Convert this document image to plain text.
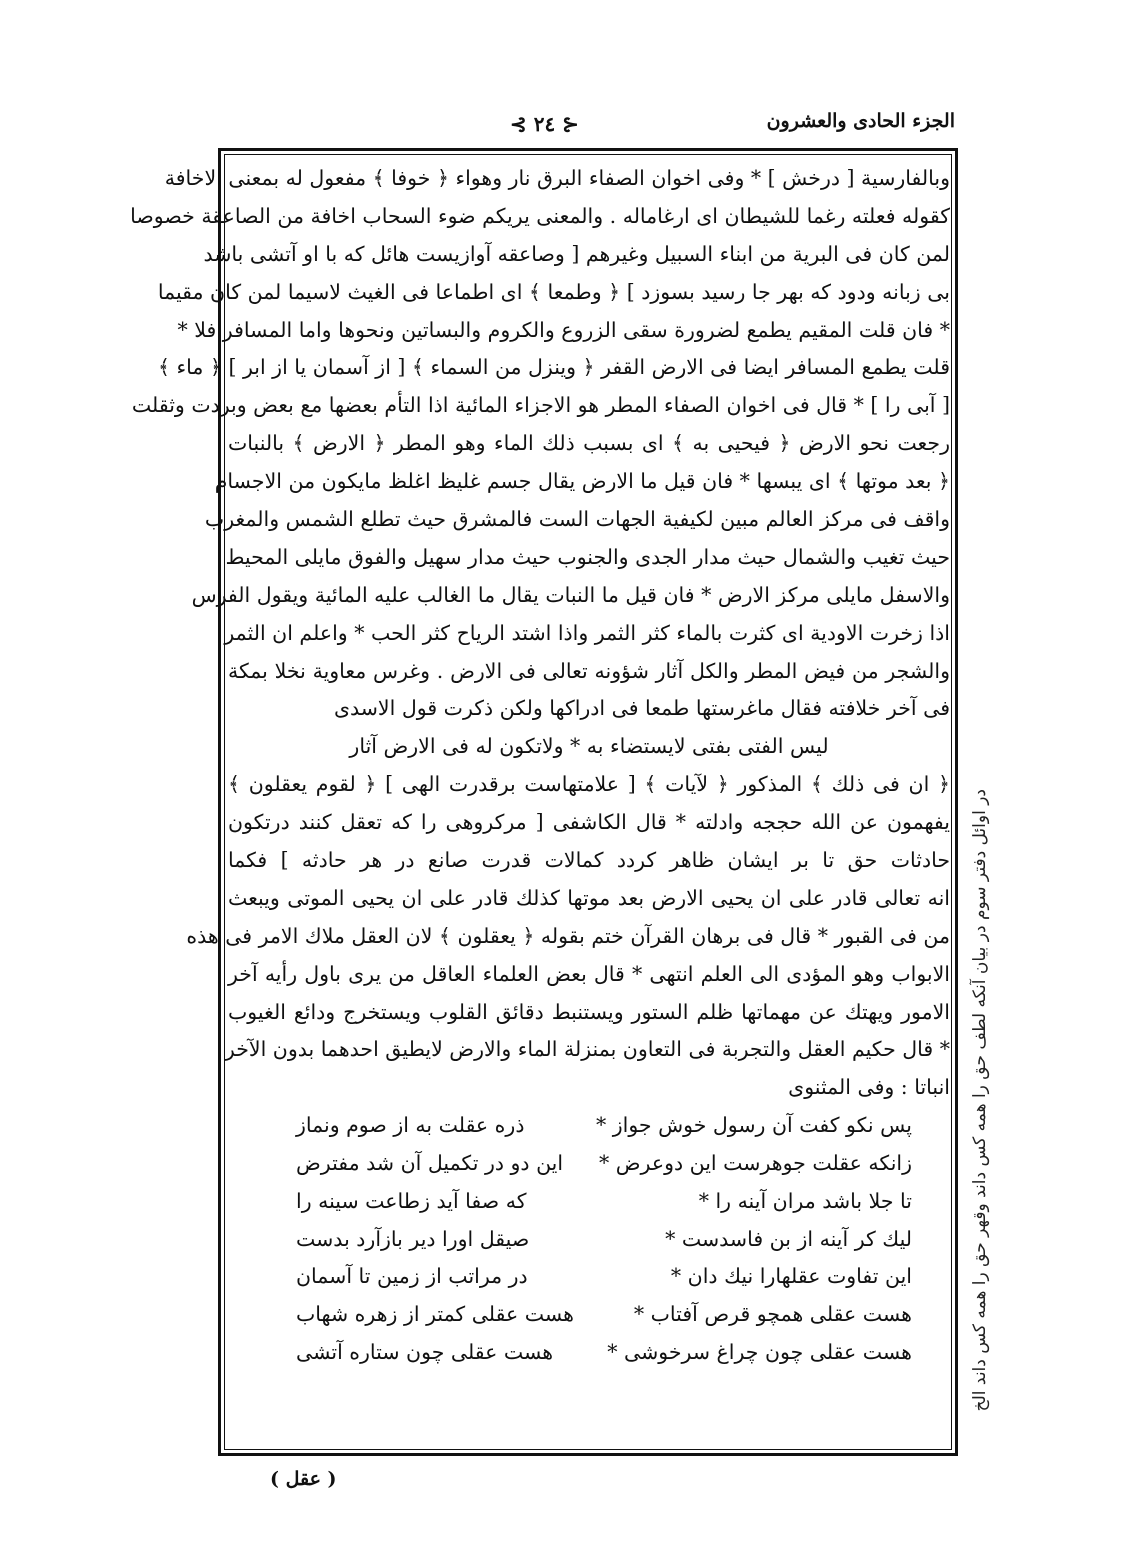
الجزء الحادى والعشرون
⊰ ٢٤ ⊱
وبالفارسية [ درخش ] * وفى اخوان الصفاء البرق نار وهواء ﴿ خوفا ﴾ مفعول له بمعنى الاخافة
كقوله فعلته رغما للشيطان اى ارغاماله . والمعنى يريكم ضوء السحاب اخافة من الصاعقة خصوصا
لمن كان فى البرية من ابناء السبيل وغيرهم [ وصاعقه آوازيست هائل كه با او آتشى باشد
بى زبانه ودود كه بهر جا رسيد بسوزد ] ﴿ وطمعا ﴾ اى اطماعا فى الغيث لاسيما لمن كان مقيما
* فان قلت المقيم يطمع لضرورة سقى الزروع والكروم والبساتين ونحوها واما المسافر فلا *
قلت يطمع المسافر ايضا فى الارض القفر ﴿ وينزل من السماء ﴾ [ از آسمان يا از ابر ] ﴿ ماء ﴾
[ آبى را ] * قال فى اخوان الصفاء المطر هو الاجزاء المائية اذا التأم بعضها مع بعض وبردت وثقلت
رجعت نحو الارض ﴿ فيحيى به ﴾ اى بسبب ذلك الماء وهو المطر ﴿ الارض ﴾ بالنبات
﴿ بعد موتها ﴾ اى يبسها * فان قيل ما الارض يقال جسم غليظ اغلظ مايكون من الاجسام
واقف فى مركز العالم مبين لكيفية الجهات الست فالمشرق حيث تطلع الشمس والمغرب
حيث تغيب والشمال حيث مدار الجدى والجنوب حيث مدار سهيل والفوق مايلى المحيط
والاسفل مايلى مركز الارض * فان قيل ما النبات يقال ما الغالب عليه المائية ويقول الفرس
اذا زخرت الاودية اى كثرت بالماء كثر الثمر واذا اشتد الرياح كثر الحب * واعلم ان الثمر
والشجر من فيض المطر والكل آثار شؤونه تعالى فى الارض . وغرس معاوية نخلا بمكة
فى آخر خلافته فقال ماغرستها طمعا فى ادراكها ولكن ذكرت قول الاسدى
ليس الفتى بفتى لايستضاء به * ولاتكون له فى الارض آثار
﴿ ان فى ذلك ﴾ المذكور ﴿ لآيات ﴾ [ علامتهاست برقدرت الهى ] ﴿ لقوم يعقلون ﴾
يفهمون عن الله حججه وادلته * قال الكاشفى [ مركروهى را كه تعقل كنند درتكون
حادثات حق تا بر ايشان ظاهر كردد كمالات قدرت صانع در هر حادثه ] فكما
انه تعالى قادر على ان يحيى الارض بعد موتها كذلك قادر على ان يحيى الموتى ويبعث
من فى القبور * قال فى برهان القرآن ختم بقوله ﴿ يعقلون ﴾ لان العقل ملاك الامر فى هذه
الابواب وهو المؤدى الى العلم انتهى * قال بعض العلماء العاقل من يرى باول رأيه آخر
الامور ويهتك عن مهماتها ظلم الستور ويستنبط دقائق القلوب ويستخرج ودائع الغيوب
* قال حكيم العقل والتجربة فى التعاون بمنزلة الماء والارض لايطيق احدهما بدون الآخر
انباتا : وفى المثنوى
پس نكو كفت آن رسول خوش جواز *
ذره عقلت به از صوم ونماز
زانكه عقلت جوهرست اين دوعرض *
اين دو در تكميل آن شد مفترض
تا جلا باشد مران آينه را *
كه صفا آيد زطاعت سينه را
ليك كر آينه از بن فاسدست *
صيقل اورا دير بازآرد بدست
اين تفاوت عقلهارا نيك دان *
در مراتب از زمين تا آسمان
هست عقلى همچو قرص آفتاب *
هست عقلى كمتر از زهره شهاب
هست عقلى چون چراغ سرخوشى *
هست عقلى چون ستاره آتشى	در اوائل دفتر سوم در بيان آنكه لطف حق را همه كس داند وقهر حق را همه كس داند الخ
( عقل )
